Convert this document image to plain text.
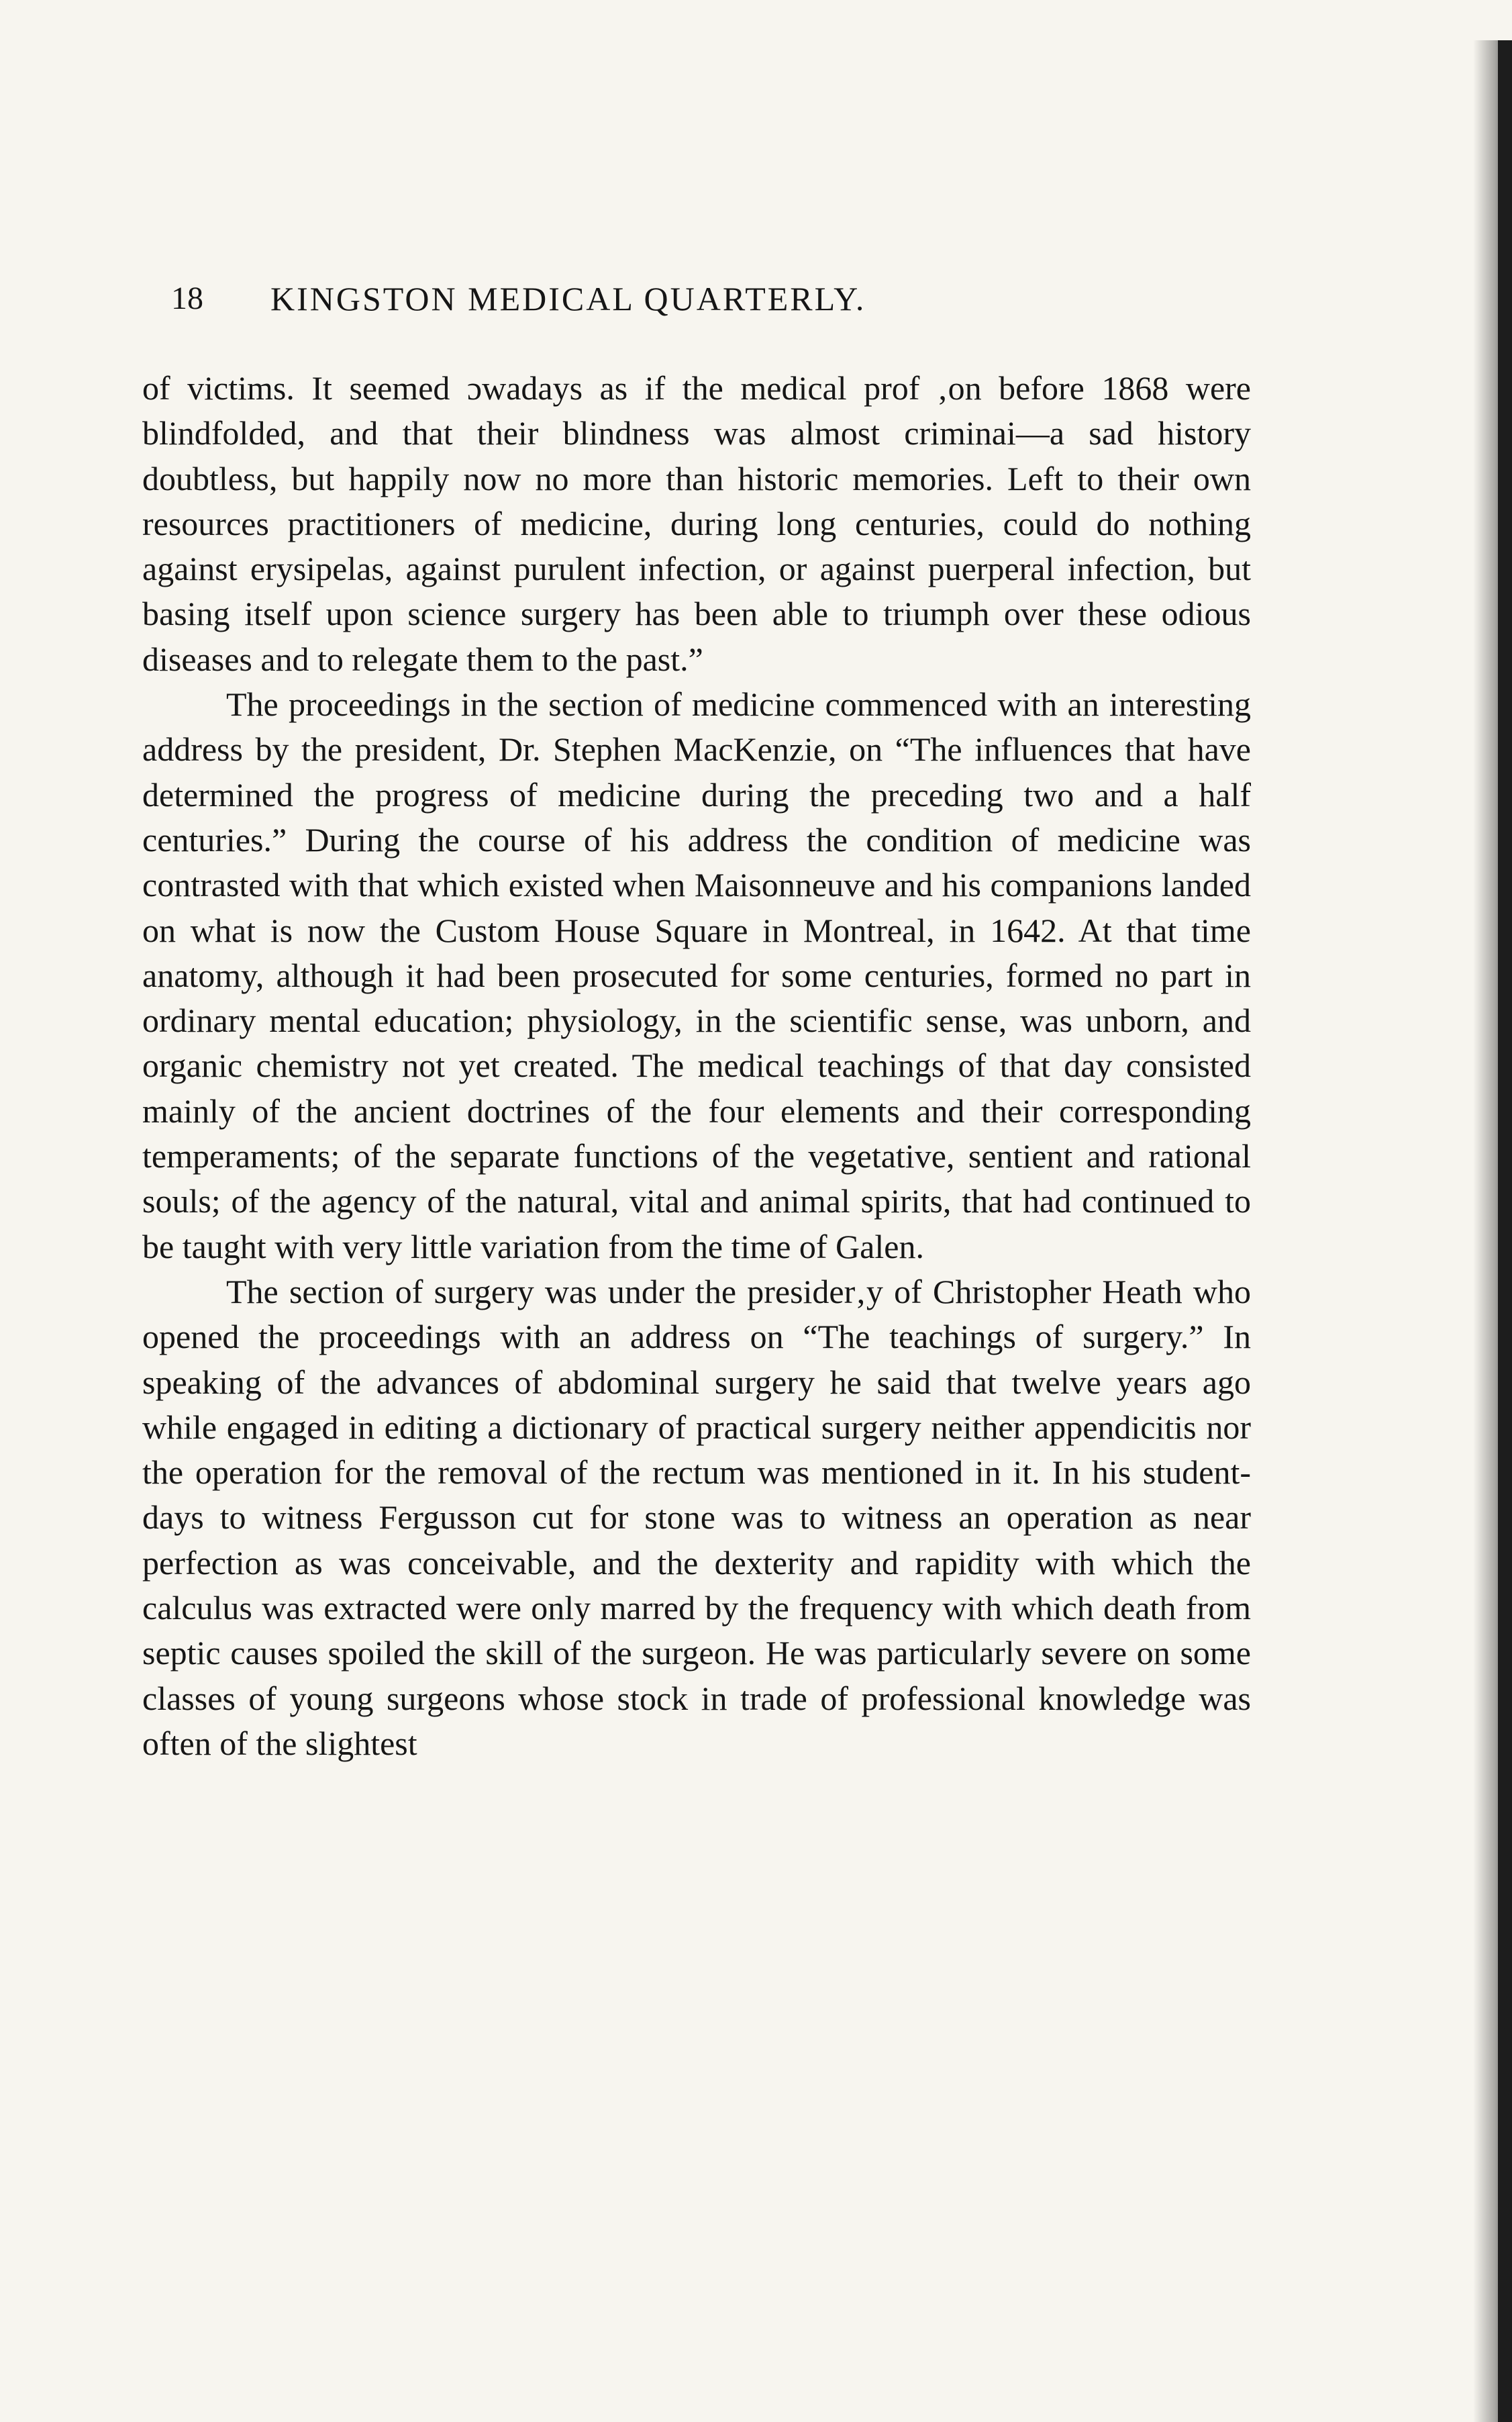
18 KINGSTON MEDICAL QUARTERLY.

of victims. It seemed ɔwadays as if the medical prof ‚on before 1868 were blindfolded, and that their blindness was almost criminai—a sad history doubtless, but happily now no more than historic memories. Left to their own resources practitioners of medicine, during long centuries, could do nothing against erysipelas, against purulent infection, or against puerperal infection, but basing itself upon science surgery has been able to triumph over these odious diseases and to relegate them to the past.”

The proceedings in the section of medicine commenced with an interesting address by the president, Dr. Stephen MacKenzie, on “The influences that have determined the progress of medicine during the preceding two and a half centuries.” During the course of his address the condition of medicine was contrasted with that which existed when Maisonneuve and his companions landed on what is now the Custom House Square in Montreal, in 1642. At that time anatomy, although it had been prosecuted for some centuries, formed no part in ordinary mental education; physiology, in the scientific sense, was unborn, and organic chemistry not yet created. The medical teachings of that day consisted mainly of the ancient doctrines of the four elements and their corresponding temperaments; of the separate functions of the vegetative, sentient and rational souls; of the agency of the natural, vital and animal spirits, that had continued to be taught with very little variation from the time of Galen.

The section of surgery was under the presider‚y of Christopher Heath who opened the proceedings with an address on “The teachings of surgery.” In speaking of the advances of abdominal surgery he said that twelve years ago while engaged in editing a dictionary of practical surgery neither appendicitis nor the operation for the removal of the rectum was mentioned in it. In his student-days to witness Fergusson cut for stone was to witness an operation as near perfection as was conceivable, and the dexterity and rapidity with which the calculus was extracted were only marred by the frequency with which death from septic causes spoiled the skill of the surgeon. He was particularly severe on some classes of young surgeons whose stock in trade of professional knowledge was often of the slightest
